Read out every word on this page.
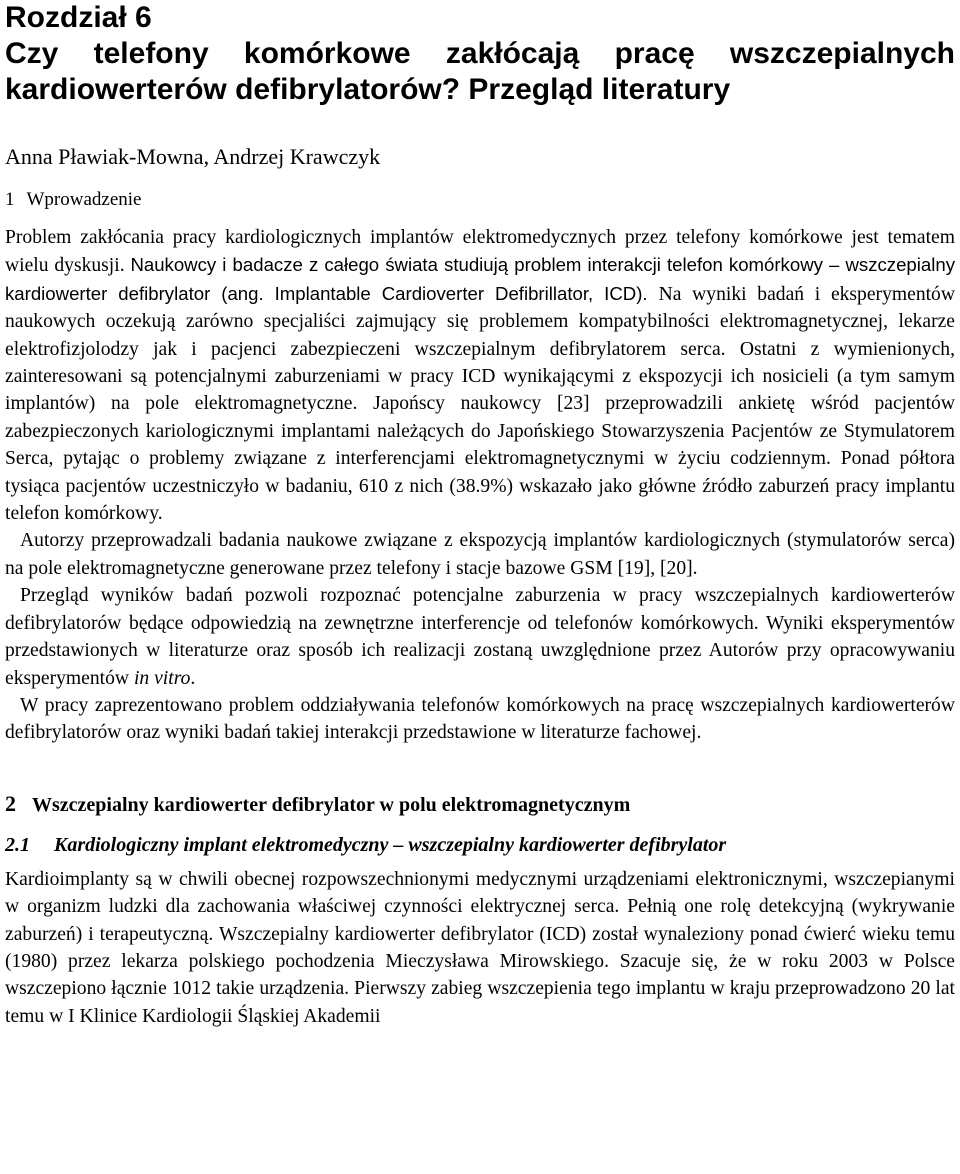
Rozdział 6
Czy telefony komórkowe zakłócają pracę wszczepialnych kardiowerterów defibrylatorów? Przegląd literatury
Anna Pławiak-Mowna, Andrzej Krawczyk
1 Wprowadzenie

Problem zakłócania pracy kardiologicznych implantów elektromedycznych przez telefony komórkowe jest tematem wielu dyskusji. Naukowcy i badacze z całego świata studiują problem interakcji telefon komórkowy – wszczepialny kardiowerter defibrylator (ang. Implantable Cardioverter Defibrillator, ICD). Na wyniki badań i eksperymentów naukowych oczekują zarówno specjaliści zajmujący się problemem kompatybilności elektromagnetycznej, lekarze elektrofizjolodzy jak i pacjenci zabezpieczeni wszczepialnym defibrylatorem serca. Ostatni z wymienionych, zainteresowani są potencjalnymi zaburzeniami w pracy ICD wynikającymi z ekspozycji ich nosicieli (a tym samym implantów) na pole elektromagnetyczne. Japońscy naukowcy [23] przeprowadzili ankietę wśród pacjentów zabezpieczonych kariologicznymi implantami należących do Japońskiego Stowarzyszenia Pacjentów ze Stymulatorem Serca, pytając o problemy związane z interferencjami elektromagnetycznymi w życiu codziennym. Ponad półtora tysiąca pacjentów uczestniczyło w badaniu, 610 z nich (38.9%) wskazało jako główne źródło zaburzeń pracy implantu telefon komórkowy.

Autorzy przeprowadzali badania naukowe związane z ekspozycją implantów kardiologicznych (stymulatorów serca) na pole elektromagnetyczne generowane przez telefony i stacje bazowe GSM [19], [20].

Przegląd wyników badań pozwoli rozpoznać potencjalne zaburzenia w pracy wszczepialnych kardiowerterów defibrylatorów będące odpowiedzią na zewnętrzne interferencje od telefonów komórkowych. Wyniki eksperymentów przedstawionych w literaturze oraz sposób ich realizacji zostaną uwzględnione przez Autorów przy opracowywaniu eksperymentów in vitro.

W pracy zaprezentowano problem oddziaływania telefonów komórkowych na pracę wszczepialnych kardiowerterów defibrylatorów oraz wyniki badań takiej interakcji przedstawione w literaturze fachowej.

2 Wszczepialny kardiowerter defibrylator w polu elektromagnetycznym
2.1 Kardiologiczny implant elektromedyczny – wszczepialny kardiowerter defibrylator

Kardioimplanty są w chwili obecnej rozpowszechnionymi medycznymi urządzeniami elektronicznymi, wszczepianymi w organizm ludzki dla zachowania właściwej czynności elektrycznej serca. Pełnią one rolę detekcyjną (wykrywanie zaburzeń) i terapeutyczną. Wszczepialny kardiowerter defibrylator (ICD) został wynaleziony ponad ćwierć wieku temu (1980) przez lekarza polskiego pochodzenia Mieczysława Mirowskiego. Szacuje się, że w roku 2003 w Polsce wszczepiono łącznie 1012 takie urządzenia. Pierwszy zabieg wszczepienia tego implantu w kraju przeprowadzono 20 lat temu w I Klinice Kardiologii Śląskiej Akademii
